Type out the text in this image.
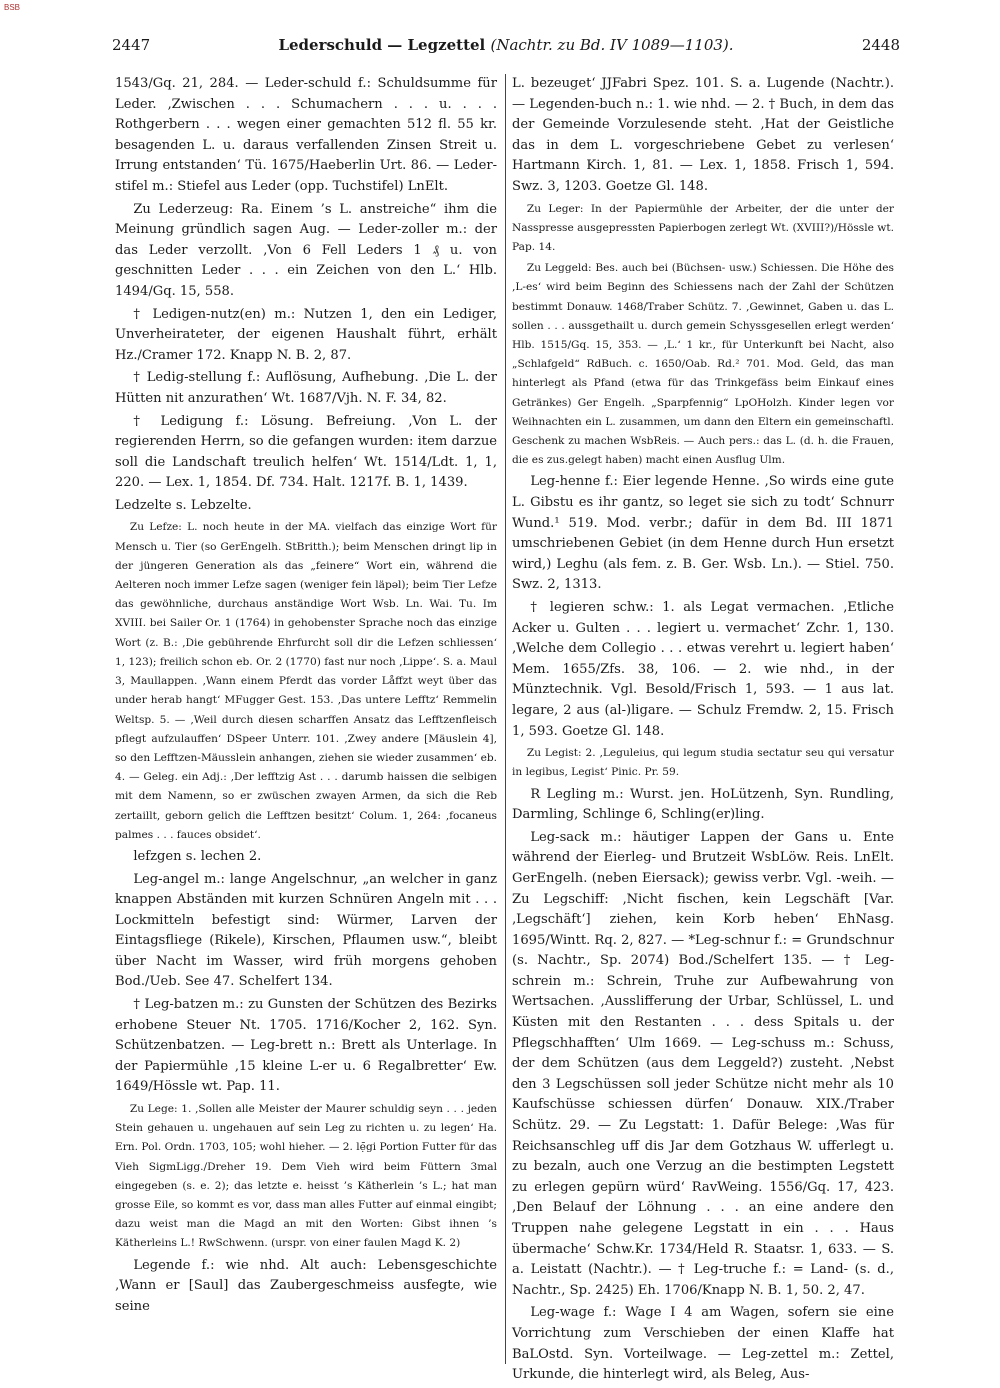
BSB
2447	Lederschuld — Legzettel (Nachtr. zu Bd. IV 1089—1103).	2448
1543/Gq. 21, 284. — Leder-schuld f.: Schuldsumme für Leder. ‚Zwischen . . . Schumachern . . . u. . . . Rothgerbern . . . wegen einer gemachten 512 fl. 55 kr. besagenden L. u. daraus verfallenden Zinsen Streit u. Irrung entstanden‘ Tü. 1675/Haeberlin Urt. 86. — Leder-stifel m.: Stiefel aus Leder (opp. Tuchstifel) LnElt.
Zu Lederzeug: Ra. Einem ’s L. anstreiche“ ihm die Meinung gründlich sagen Aug. — Leder-zoller m.: der das Leder verzollt. ‚Von 6 Fell Leders 1 ₰ u. von geschnitten Leder . . . ein Zeichen von den L.‘ Hlb. 1494/Gq. 15, 558.
† Ledigen-nutz(en) m.: Nutzen 1, den ein Lediger, Unverheirateter, der eigenen Haushalt führt, erhält Hz./Cramer 172. Knapp N. B. 2, 87.
† Ledig-stellung f.: Auflösung, Aufhebung. ‚Die L. der Hütten nit anzurathen‘ Wt. 1687/Vjh. N. F. 34, 82.
† Ledigung f.: Lösung. Befreiung. ‚Von L. der regierenden Herrn, so die gefangen wurden: item darzue soll die Landschaft treulich helfen‘ Wt. 1514/Ldt. 1, 1, 220. — Lex. 1, 1854. Df. 734. Halt. 1217f. B. 1, 1439.
Ledzelte s. Lebzelte.
Zu Lefze: L. noch heute in der MA. vielfach das einzige Wort für Mensch u. Tier (so GerEngelh. StBritth.); beim Menschen dringt lip in der jüngeren Generation als das „feinere“ Wort ein, während die Aelteren noch immer Lefze sagen (weniger fein läpəl); beim Tier Lefze das gewöhnliche, durchaus anständige Wort Wsb. Ln. Wai. Tu. Im XVIII. bei Sailer Or. 1 (1764) in gehobenster Sprache noch das einzige Wort (z. B.: ‚Die gebührende Ehrfurcht soll dir die Lefzen schliessen‘ 1, 123); freilich schon eb. Or. 2 (1770) fast nur noch ‚Lippe‘. S. a. Maul 3, Maullappen. ‚Wann einem Pferdt das vorder Låffzt weyt über das under herab hangt‘ MFugger Gest. 153. ‚Das untere Lefftz‘ Remmelin Weltsp. 5. — ‚Weil durch diesen scharffen Ansatz das Lefftzenfleisch pflegt aufzulauffen‘ DSpeer Unterr. 101. ‚Zwey andere [Mäuslein 4], so den Lefftzen-Mäusslein anhangen, ziehen sie wieder zusammen‘ eb. 4. — Geleg. ein Adj.: ‚Der lefftzig Ast . . . darumb haissen die selbigen mit dem Namenn, so er zwüschen zwayen Armen, da sich die Reb zertaillt, geborn gelich die Lefftzen besitzt‘ Colum. 1, 264: ‚focaneus palmes . . . fauces obsidet‘.
lefzgen s. lechen 2.
Leg-angel m.: lange Angelschnur, „an welcher in ganz knappen Abständen mit kurzen Schnüren Angeln mit . . . Lockmitteln befestigt sind: Würmer, Larven der Eintagsfliege (Rikele), Kirschen, Pflaumen usw.“, bleibt über Nacht im Wasser, wird früh morgens gehoben Bod./Ueb. See 47. Schelfert 134.
† Leg-batzen m.: zu Gunsten der Schützen des Bezirks erhobene Steuer Nt. 1705. 1716/Kocher 2, 162. Syn. Schützenbatzen. — Leg-brett n.: Brett als Unterlage. In der Papiermühle ‚15 kleine L-er u. 6 Regalbretter‘ Ew. 1649/Hössle wt. Pap. 11.
Zu Lege: 1. ‚Sollen alle Meister der Maurer schuldig seyn . . . jeden Stein gehauen u. ungehauen auf sein Leg zu richten u. zu legen‘ Ha. Ern. Pol. Ordn. 1703, 105; wohl hieher. — 2. lẹ̄gi Portion Futter für das Vieh SigmLigg./Dreher 19. Dem Vieh wird beim Füttern 3mal eingegeben (s. e. 2); das letzte e. heisst ’s Kätherlein ’s L.; hat man grosse Eile, so kommt es vor, dass man alles Futter auf einmal eingibt; dazu weist man die Magd an mit den Worten: Gibst ihnen ’s Kätherleins L.! RwSchwenn. (urspr. von einer faulen Magd K. 2)
Legende f.: wie nhd. Alt auch: Lebensgeschichte ‚Wann er [Saul] das Zaubergeschmeiss ausfegte, wie seine
L. bezeuget‘ JJFabri Spez. 101. S. a. Lugende (Nachtr.). — Legenden-buch n.: 1. wie nhd. — 2. † Buch, in dem das der Gemeinde Vorzulesende steht. ‚Hat der Geistliche das in dem L. vorgeschriebene Gebet zu verlesen‘ Hartmann Kirch. 1, 81. — Lex. 1, 1858. Frisch 1, 594. Swz. 3, 1203. Goetze Gl. 148.
Zu Leger: In der Papiermühle der Arbeiter, der die unter der Nasspresse ausgepressten Papierbogen zerlegt Wt. (XVIII?)/Hössle wt. Pap. 14.
Zu Leggeld: Bes. auch bei (Büchsen- usw.) Schiessen. Die Höhe des ‚L-es‘ wird beim Beginn des Schiessens nach der Zahl der Schützen bestimmt Donauw. 1468/Traber Schütz. 7. ‚Gewinnet, Gaben u. das L. sollen . . . aussgethailt u. durch gemein Schyssgesellen erlegt werden‘ Hlb. 1515/Gq. 15, 353. — ‚L.‘ 1 kr., für Unterkunft bei Nacht, also „Schlafgeld“ RdBuch. c. 1650/Oab. Rd.² 701. Mod. Geld, das man hinterlegt als Pfand (etwa für das Trinkgefäss beim Einkauf eines Getränkes) Ger Engelh. „Sparpfennig“ LpOHolzh. Kinder legen vor Weihnachten ein L. zusammen, um dann den Eltern ein gemeinschaftl. Geschenk zu machen WsbReis. — Auch pers.: das L. (d. h. die Frauen, die es zus.gelegt haben) macht einen Ausflug Ulm.
Leg-henne f.: Eier legende Henne. ‚So wirds eine gute L. Gibstu es ihr gantz, so leget sie sich zu todt‘ Schnurr Wund.¹ 519. Mod. verbr.; dafür in dem Bd. III 1871 umschriebenen Gebiet (in dem Henne durch Hun ersetzt wird,) Leghu (als fem. z. B. Ger. Wsb. Ln.). — Stiel. 750. Swz. 2, 1313.
† legieren schw.: 1. als Legat vermachen. ‚Etliche Acker u. Gulten . . . legiert u. vermachet‘ Zchr. 1, 130. ‚Welche dem Collegio . . . etwas verehrt u. legiert haben‘ Mem. 1655/Zfs. 38, 106. — 2. wie nhd., in der Münztechnik. Vgl. Besold/Frisch 1, 593. — 1 aus lat. legare, 2 aus (al-)ligare. — Schulz Fremdw. 2, 15. Frisch 1, 593. Goetze Gl. 148.
Zu Legist: 2. ‚Leguleius, qui legum studia sectatur seu qui versatur in legibus, Legist‘ Pinic. Pr. 59.
R Legling m.: Wurst. jen. HoLützenh, Syn. Rundling, Darmling, Schlinge 6, Schling(er)ling.
Leg-sack m.: häutiger Lappen der Gans u. Ente während der Eierleg- und Brutzeit WsbLöw. Reis. LnElt. GerEngelh. (neben Eiersack); gewiss verbr. Vgl. -weih. — Zu Legschiff: ‚Nicht fischen, kein Legschäft [Var. ‚Legschäft‘] ziehen, kein Korb heben‘ EhNasg. 1695/Wintt. Rq. 2, 827. — *Leg-schnur f.: = Grundschnur (s. Nachtr., Sp. 2074) Bod./Schelfert 135. — † Leg-schrein m.: Schrein, Truhe zur Aufbewahrung von Wertsachen. ‚Ausslifferung der Urbar, Schlüssel, L. und Küsten mit den Restanten . . . dess Spitals u. der Pflegschhafften‘ Ulm 1669. — Leg-schuss m.: Schuss, der dem Schützen (aus dem Leggeld?) zusteht. ‚Nebst den 3 Legschüssen soll jeder Schütze nicht mehr als 10 Kaufschüsse schiessen dürfen‘ Donauw. XIX./Traber Schütz. 29. — Zu Legstatt: 1. Dafür Belege: ‚Was für Reichsanschleg uff dis Jar dem Gotzhaus W. ufferlegt u. zu bezaln, auch one Verzug an die bestimpten Legstett zu erlegen gepürn würd‘ RavWeing. 1556/Gq. 17, 423. ‚Den Belauf der Löhnung . . . an eine andere den Truppen nahe gelegene Legstatt in ein . . . Haus übermache‘ Schw.Kr. 1734/Held R. Staatsr. 1, 633. — S. a. Leistatt (Nachtr.). — † Leg-truche f.: = Land- (s. d., Nachtr., Sp. 2425) Eh. 1706/Knapp N. B. 1, 50. 2, 47.
Leg-wage f.: Wage I 4 am Wagen, sofern sie eine Vorrichtung zum Verschieben der einen Klaffe hat BaLOstd. Syn. Vorteilwage. — Leg-zettel m.: Zettel, Urkunde, die hinterlegt wird, als Beleg, Aus-
